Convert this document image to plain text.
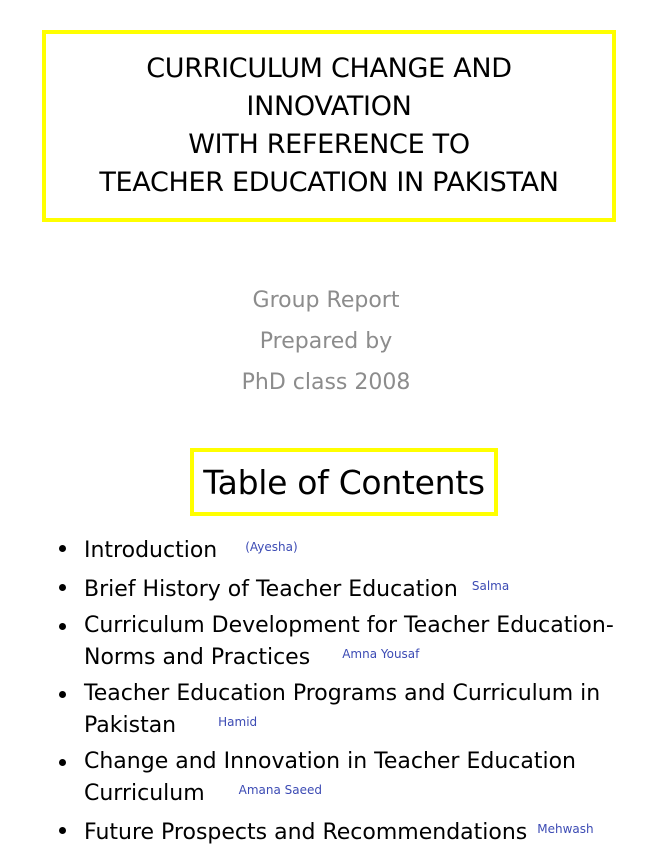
CURRICULUM CHANGE AND
INNOVATION
WITH REFERENCE TO
TEACHER EDUCATION IN PAKISTAN
Group Report
Prepared by
PhD class 2008
Table of Contents
Introduction $^{(Ayesha)}$
Brief History of Teacher Education $^{Salma}$
Curriculum Development for Teacher Education-
Norms and Practices	$^{Amna Yousaf}$
Teacher Education Programs and Curriculum in
Pakistan	$^{Hamid}$
Change and Innovation in Teacher Education
Curriculum	$^{Amana Saeed}$
Future Prospects and Recommendations $^{Mehwash}$
